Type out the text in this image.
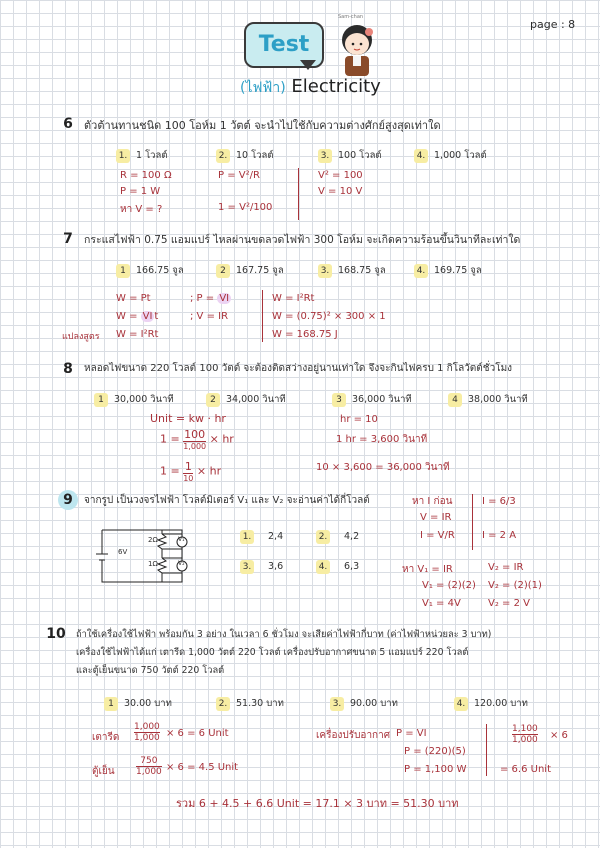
Test
Sam-chan
(ไฟฟ้า) Electricity
page : 8
6	ตัวต้านทานชนิด 100 โอห์ม 1 วัตต์ จะนำไปใช้กับความต่างศักย์สูงสุดเท่าใด
1. 1 โวลต์	2. 10 โวลต์	3. 100 โวลต์	4. 1,000 โวลต์
R = 100 Ω
P = 1 W
หา V = ?
P = V²/R
1 = V²/100
V² = 100
V = 10 V
7	กระแสไฟฟ้า 0.75 แอมแปร์ ไหลผ่านขดลวดไฟฟ้า 300 โอห์ม จะเกิดความร้อนขึ้นวินาทีละเท่าใด
1 166.75 จูล	2 167.75 จูล	3. 168.75 จูล	4. 169.75 จูล
W = Pt
W = VI t
W = I²Rt
แปลงสูตร
; P = VI
; V = IR
W = I²Rt
W = (0.75)² × 300 × 1
W = 168.75 J
8	หลอดไฟขนาด 220 โวลต์ 100 วัตต์ จะต้องติดสว่างอยู่นานเท่าใด จึงจะกินไฟครบ 1 กิโลวัตต์ชั่วโมง
1 30,000 วินาที	2 34,000 วินาที	3 36,000 วินาที	4 38,000 วินาที
Unit = kw · hr
1 = 100
1,000
× hr
1 = 1
10
× hr
hr = 10
1 hr = 3,600 วินาที
10 × 3,600 = 36,000 วินาที
9	จากรูป เป็นวงจรไฟฟ้า โวลต์มิเตอร์ V₁ และ V₂ จะอ่านค่าได้กี่โวลต์
6V
2Ω
1Ω
V₁
V₂
1. 2,4	2. 4,2
3. 3,6	4. 6,3
หา I ก่อน
V = IR
I = V/R
I = 6/3
I = 2 A
หา V₁ = IR
V₁ = (2)(2)
V₁ = 4V
V₂ = IR
V₂ = (2)(1)
V₂ = 2 V
10 ถ้าใช้เครื่องใช้ไฟฟ้า พร้อมกัน 3 อย่าง ในเวลา 6 ชั่วโมง จะเสียค่าไฟฟ้ากี่บาท (ค่าไฟฟ้าหน่วยละ 3 บาท)
เครื่องใช้ไฟฟ้าได้แก่ เตารีด 1,000 วัตต์ 220 โวลต์ เครื่องปรับอากาศขนาด 5 แอมแปร์ 220 โวลต์
และตู้เย็นขนาด 750 วัตต์ 220 โวลต์
1 30.00 บาท	2. 51.30 บาท	3. 90.00 บาท	4. 120.00 บาท
เตารีด $\frac{1,000}{1,000} \times 6 = 6$ Unit
ตู้เย็น $\frac{750}{1,000} \times 6 = 4.5$ Unit
เครื่องปรับอากาศ P = VI
P = (220)(5)
P = 1,100 W
$\frac{1,100}{1,000} \times 6$
= 6.6 Unit
รวม 6 + 4.5 + 6.6 Unit = 17.1 × 3 บาท = 51.30 บาท
